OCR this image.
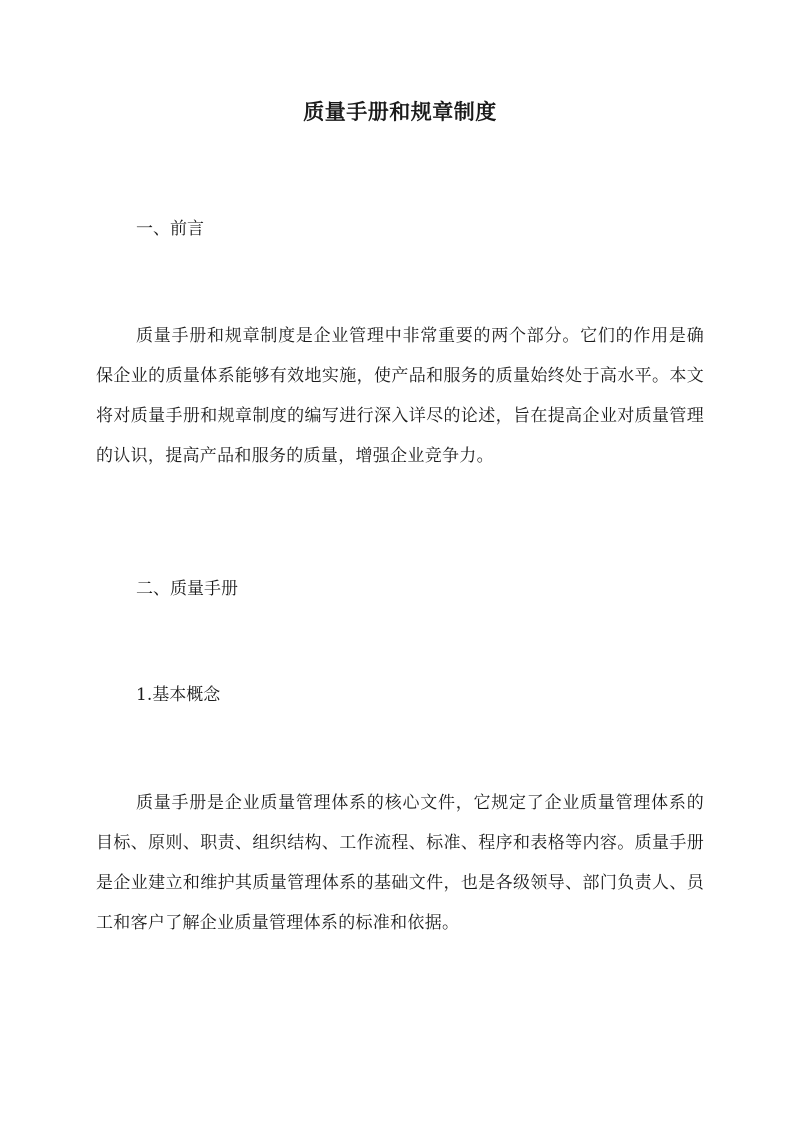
质量手册和规章制度
一、前言
质量手册和规章制度是企业管理中非常重要的两个部分。它们的作用是确保企业的质量体系能够有效地实施，使产品和服务的质量始终处于高水平。本文将对质量手册和规章制度的编写进行深入详尽的论述，旨在提高企业对质量管理的认识，提高产品和服务的质量，增强企业竞争力。
二、质量手册
1.基本概念
质量手册是企业质量管理体系的核心文件，它规定了企业质量管理体系的目标、原则、职责、组织结构、工作流程、标准、程序和表格等内容。质量手册是企业建立和维护其质量管理体系的基础文件，也是各级领导、部门负责人、员工和客户了解企业质量管理体系的标准和依据。
